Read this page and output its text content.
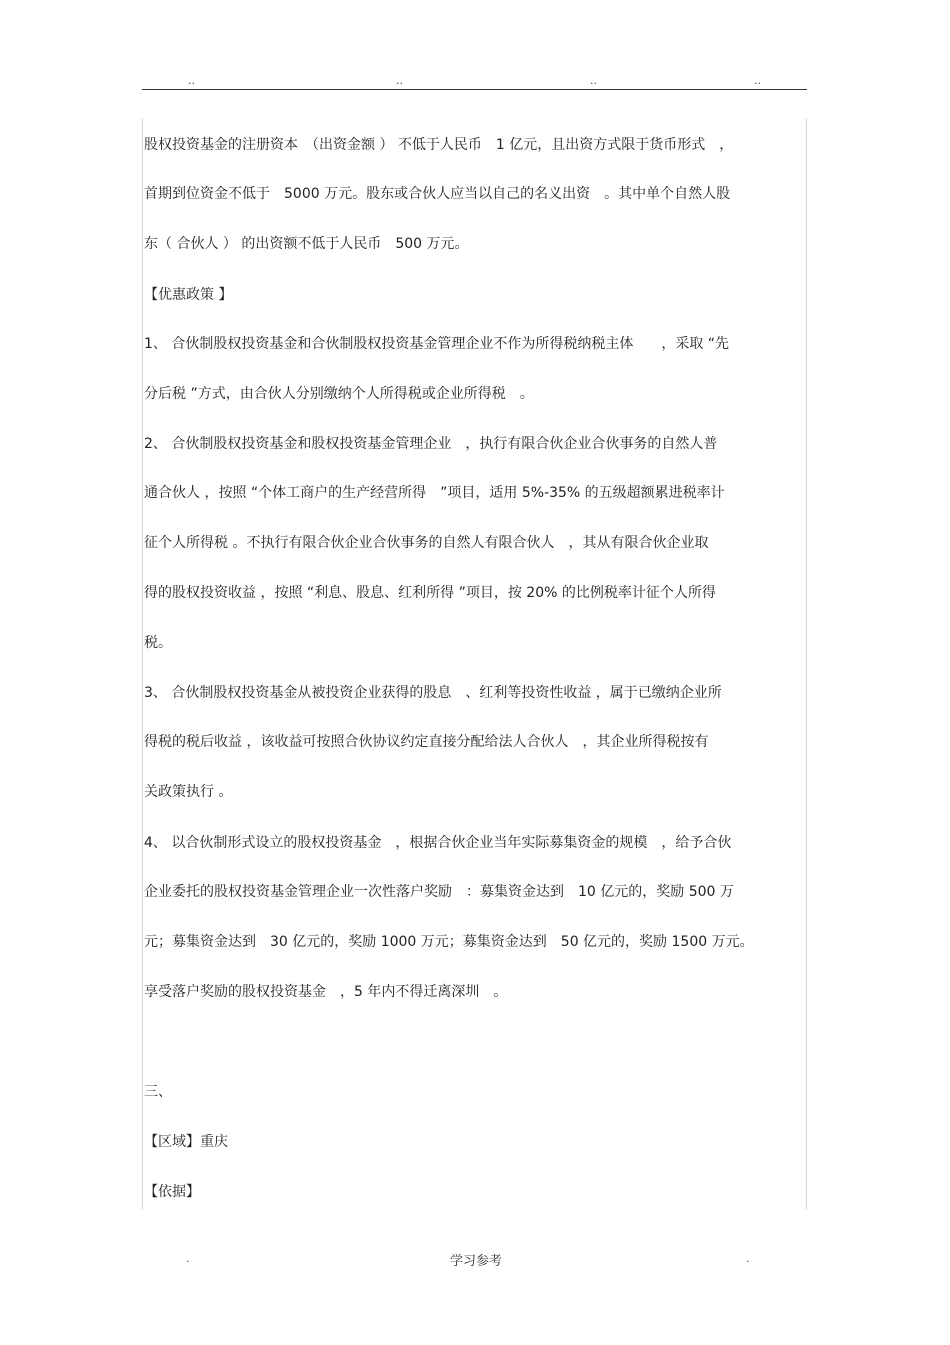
..	..	..	..
股权投资基金的注册资本　（出资金额 ） 不低于人民币　1 亿元，且出资方式限于货币形式　，
首期到位资金不低于　5000 万元。股东或合伙人应当以自己的名义出资　。其中单个自然人股
东（ 合伙人 ） 的出资额不低于人民币　500 万元。
【优惠政策 】
1、 合伙制股权投资基金和合伙制股权投资基金管理企业不作为所得税纳税主体　　，采取 “先
分后税 ”方式，由合伙人分别缴纳个人所得税或企业所得税　。
2、 合伙制股权投资基金和股权投资基金管理企业　，执行有限合伙企业合伙事务的自然人普
通合伙人 ，按照 “个体工商户的生产经营所得　”项目，适用 5%-35% 的五级超额累进税率计
征个人所得税 。不执行有限合伙企业合伙事务的自然人有限合伙人　，其从有限合伙企业取
得的股权投资收益 ，按照 “利息、股息、红利所得 ”项目，按 20% 的比例税率计征个人所得
税。
3、 合伙制股权投资基金从被投资企业获得的股息　、红利等投资性收益 ，属于已缴纳企业所
得税的税后收益 ，该收益可按照合伙协议约定直接分配给法人合伙人　，其企业所得税按有
关政策执行 。
4、 以合伙制形式设立的股权投资基金　，根据合伙企业当年实际募集资金的规模　，给予合伙
企业委托的股权投资基金管理企业一次性落户奖励　：募集资金达到　10 亿元的，奖励 500 万
元；募集资金达到　30 亿元的，奖励 1000 万元；募集资金达到　50 亿元的，奖励 1500 万元。
享受落户奖励的股权投资基金　，5 年内不得迁离深圳　。
三、
【区域】重庆
【依据】
.	学习参考	.
